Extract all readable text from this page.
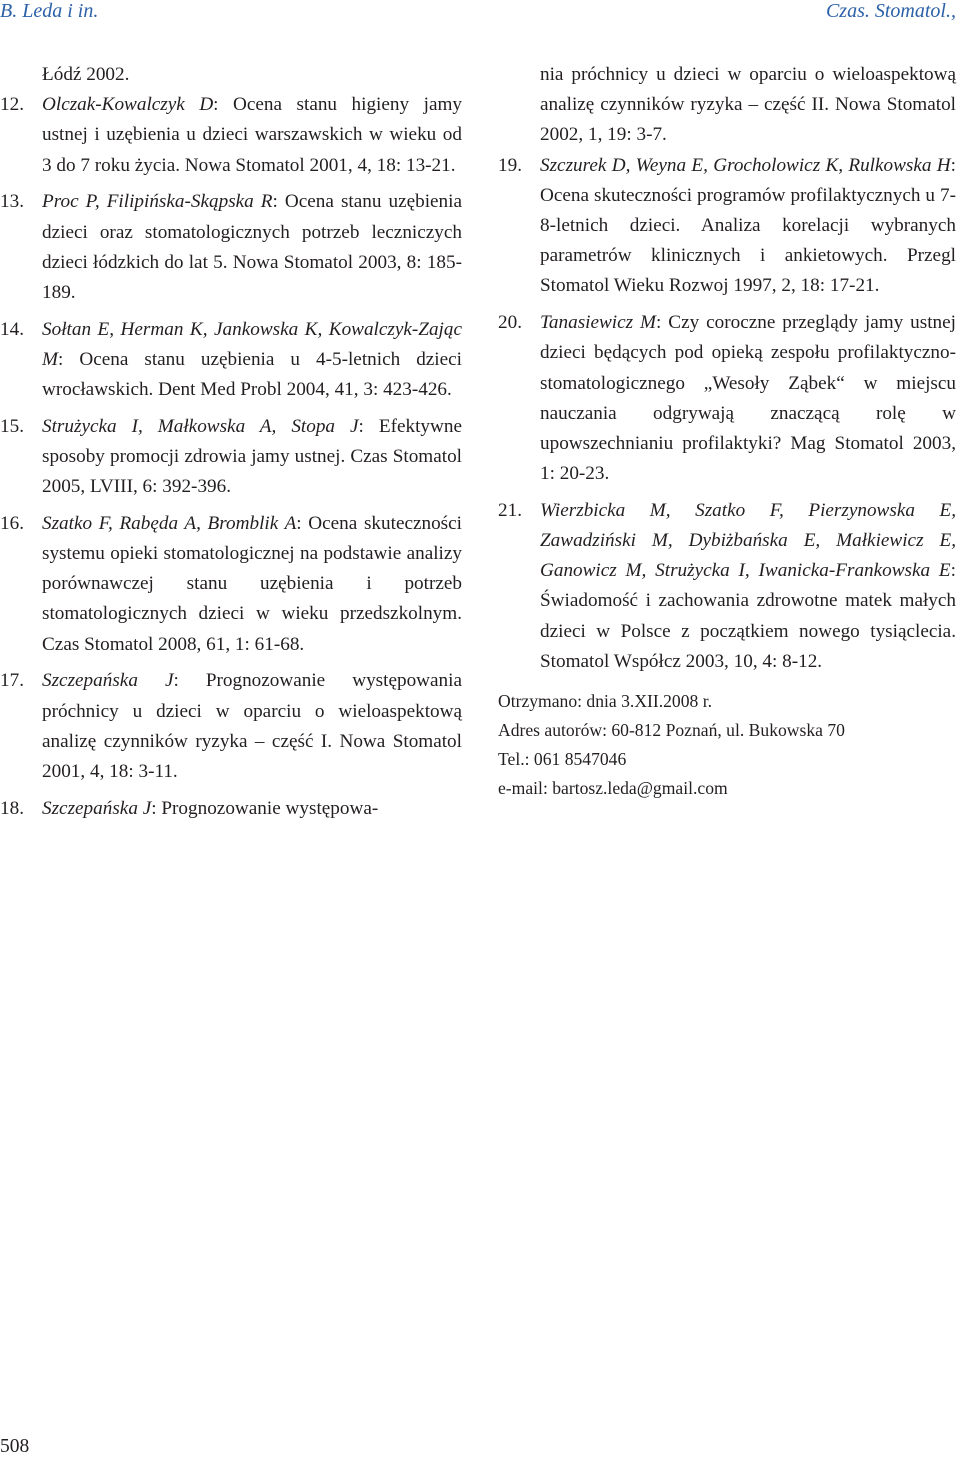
B. Leda i in.	Czas. Stomatol.,
Łódź 2002.
12. Olczak-Kowalczyk D: Ocena stanu higieny jamy ustnej i uzębienia u dzieci warszawskich w wieku od 3 do 7 roku życia. Nowa Stomatol 2001, 4, 18: 13-21.
13. Proc P, Filipińska-Skąpska R: Ocena stanu uzębienia dzieci oraz stomatologicznych potrzeb leczniczych dzieci łódzkich do lat 5. Nowa Stomatol 2003, 8: 185-189.
14. Sołtan E, Herman K, Jankowska K, Kowalczyk-Zając M: Ocena stanu uzębienia u 4-5-letnich dzieci wrocławskich. Dent Med Probl 2004, 41, 3: 423-426.
15. Strużycka I, Małkowska A, Stopa J: Efektywne sposoby promocji zdrowia jamy ustnej. Czas Stomatol 2005, LVIII, 6: 392-396.
16. Szatko F, Rabęda A, Bromblik A: Ocena skuteczności systemu opieki stomatologicznej na podstawie analizy porównawczej stanu uzębienia i potrzeb stomatologicznych dzieci w wieku przedszkolnym. Czas Stomatol 2008, 61, 1: 61-68.
17. Szczepańska J: Prognozowanie występowania próchnicy u dzieci w oparciu o wieloaspektową analizę czynników ryzyka – część I. Nowa Stomatol 2001, 4, 18: 3-11.
18. Szczepańska J: Prognozowanie występowa-
nia próchnicy u dzieci w oparciu o wieloaspektową analizę czynników ryzyka – część II. Nowa Stomatol 2002, 1, 19: 3-7.
19. Szczurek D, Weyna E, Grocholowicz K, Rulkowska H: Ocena skuteczności programów profilaktycznych u 7-8-letnich dzieci. Analiza korelacji wybranych parametrów klinicznych i ankietowych. Przegl Stomatol Wieku Rozwoj 1997, 2, 18: 17-21.
20. Tanasiewicz M: Czy coroczne przeglądy jamy ustnej dzieci będących pod opieką zespołu profilaktyczno-stomatologicznego „Wesoły Ząbek“ w miejscu nauczania odgrywają znaczącą rolę w upowszechnianiu profilaktyki? Mag Stomatol 2003, 1: 20-23.
21. Wierzbicka M, Szatko F, Pierzynowska E, Zawadziński M, Dybiżbańska E, Małkiewicz E, Ganowicz M, Strużycka I, Iwanicka-Frankowska E: Świadomość i zachowania zdrowotne matek małych dzieci w Polsce z początkiem nowego tysiąclecia. Stomatol Współcz 2003, 10, 4: 8-12.
Otrzymano: dnia 3.XII.2008 r.
Adres autorów: 60-812 Poznań, ul. Bukowska 70
Tel.: 061 8547046
e-mail: bartosz.leda@gmail.com
508
